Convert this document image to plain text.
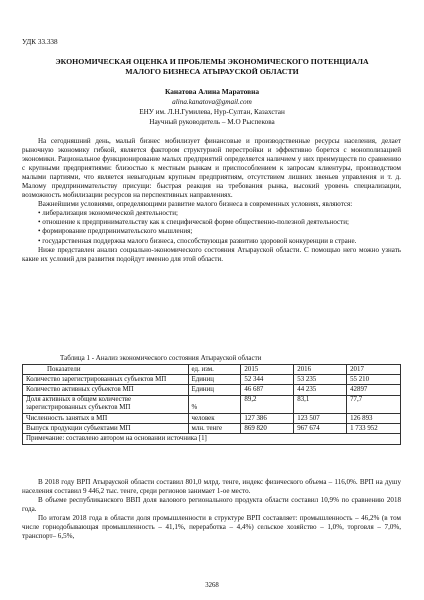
УДК 33.338
ЭКОНОМИЧЕСКАЯ ОЦЕНКА И ПРОБЛЕМЫ ЭКОНОМИЧЕСКОГО ПОТЕНЦИАЛА МАЛОГО БИЗНЕСА АТЫРАУСКОЙ ОБЛАСТИ
Канатова Алина Маратовна
alina.kanatova@gmail.com
ЕНУ им. Л.Н.Гумилева, Нур-Султан, Казахстан
Научный руководитель – М.О Рыспекова

На сегодняшний день, малый бизнес мобилизует финансовые и производственные ресурсы населения, делает рыночную экономику гибкой, является фактором структурной перестройки и эффективно борется с монополизацией экономики. Рациональное функционирование малых предприятий определяется наличием у них преимуществ по сравнению с крупными предприятиями: близостью к местным рынкам и приспособлением к запросам клиентуры, производством малыми партиями, что является невыгодным крупным предприятиям, отсутствием лишних звеньев управления и т. д. Малому предпринимательству присущи: быстрая реакция на требования рынка, высокий уровень специализации, возможность мобилизации ресурсов на перспективных направлениях.

Важнейшими условиями, определяющими развитие малого бизнеса в современных условиях, являются:

• либерализация экономической деятельности;
• отношение к предпринимательству как к специфической форме общественно-полезной деятельности;
• формирование предпринимательского мышления;
• государственная поддержка малого бизнеса, способствующая развитию здоровой конкуренции в стране.

Ниже представлен анализ социально-экономического состояния Атырауской области. С помощью него можно узнать какие их условий для развития подойдут именно для этой области.

Таблица 1 - Анализ экономического состояния Атырауской области
Показатели	ед. изм.	2015	2016	2017
Количество зарегистрированных субъектов МП	Единиц	52 344	53 235	55 210
Количество активных субъектов МП	Единиц	46 687	44 235	42897
Доля активных в общем количестве зарегистрированных субъектов МП	%	89,2	83,1	77,7
Численность занятых в МП	человек	127 386	123 507	126 893
Выпуск продукции субъектами МП	млн. тенге	869 820	967 674	1 733 952
Примечание: составлено автором на основании источника [1]				

В 2018 году ВРП Атырауской области составил 801,0 млрд. тенге, индекс физического объема – 116,0%. ВРП на душу населения составил 9 446,2 тыс. тенге, среди регионов занимает 1-ое место.

В объеме республиканского ВВП доля валового регионального продукта области составил 10,9% по сравнению 2018 года.

По итогам 2018 года в области доля промышленности в структуре ВРП составляет: промышленность – 46,2% (в том числе горнодобывающая промышленность – 41,1%, переработка – 4,4%) сельское хозяйство – 1,0%, торговля – 7,0%, транспорт– 6,5%,

3268
